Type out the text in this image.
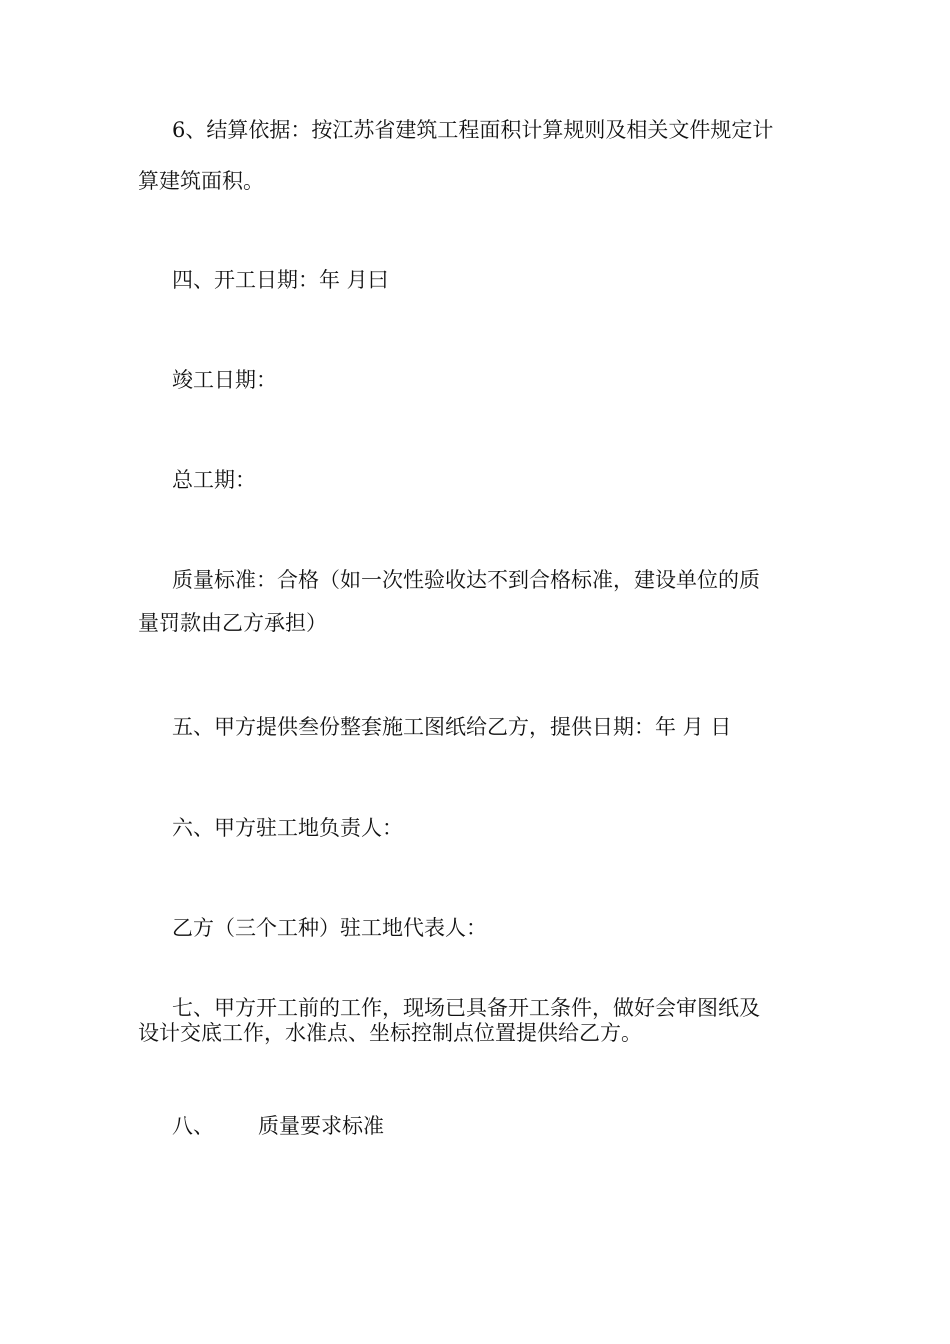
6、结算依据：按江苏省建筑工程面积计算规则及相关文件规定计
算建筑面积。
四、开工日期：年 月曰
竣工日期：
总工期：
质量标准：合格（如一次性验收达不到合格标准，建设单位的质
量罚款由乙方承担）
五、甲方提供叁份整套施工图纸给乙方，提供日期：年 月 日
六、甲方驻工地负责人：
乙方（三个工种）驻工地代表人：
七、甲方开工前的工作，现场已具备开工条件，做好会审图纸及
设计交底工作，水准点、坐标控制点位置提供给乙方。
八、 质量要求标准
